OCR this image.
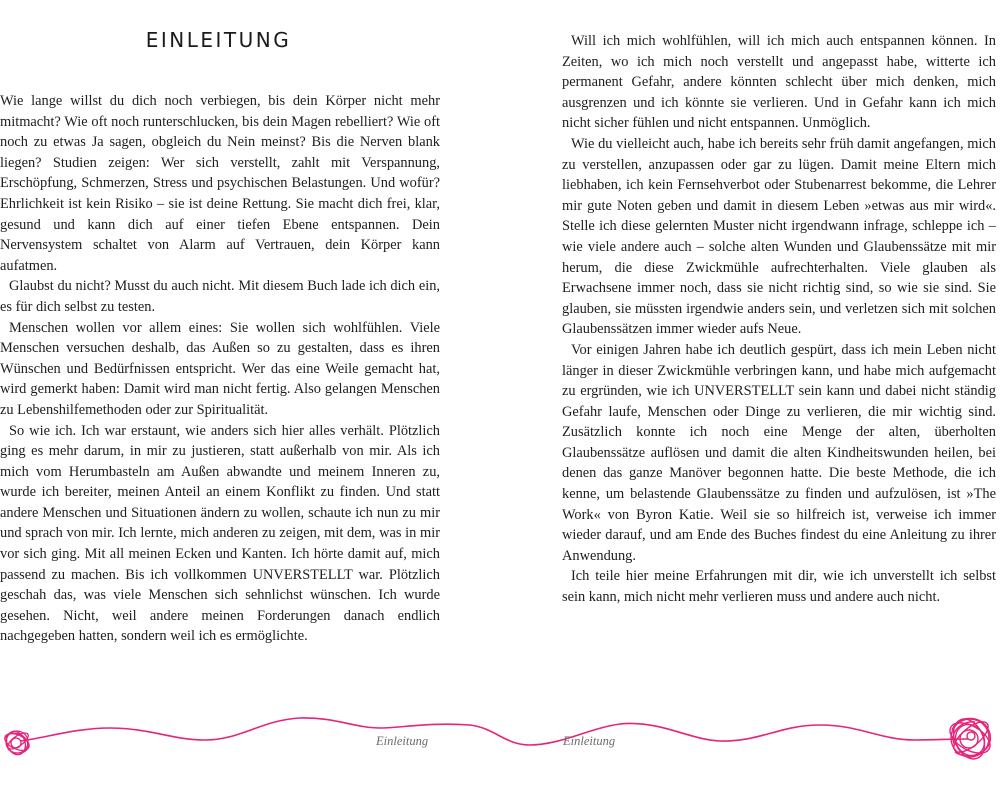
EINLEITUNG

Wie lange willst du dich noch verbiegen, bis dein Körper nicht mehr mitmacht? Wie oft noch runterschlucken, bis dein Magen rebelliert? Wie oft noch zu etwas Ja sagen, obgleich du Nein meinst? Bis die Nerven blank liegen? Studien zeigen: Wer sich verstellt, zahlt mit Verspannung, Erschöpfung, Schmerzen, Stress und psychischen Belastungen. Und wofür? Ehrlichkeit ist kein Risiko – sie ist deine Rettung. Sie macht dich frei, klar, gesund und kann dich auf einer tiefen Ebene entspannen. Dein Nervensystem schaltet von Alarm auf Vertrauen, dein Körper kann aufatmen.

Glaubst du nicht? Musst du auch nicht. Mit diesem Buch lade ich dich ein, es für dich selbst zu testen.

Menschen wollen vor allem eines: Sie wollen sich wohlfühlen. Viele Menschen versuchen deshalb, das Außen so zu gestalten, dass es ihren Wünschen und Bedürfnissen entspricht. Wer das eine Weile gemacht hat, wird gemerkt haben: Damit wird man nicht fertig. Also gelangen Menschen zu Lebenshilfemethoden oder zur Spiritualität.

So wie ich. Ich war erstaunt, wie anders sich hier alles verhält. Plötzlich ging es mehr darum, in mir zu justieren, statt außerhalb von mir. Als ich mich vom Herumbasteln am Außen abwandte und meinem Inneren zu, wurde ich bereiter, meinen Anteil an einem Konflikt zu finden. Und statt andere Menschen und Situationen ändern zu wollen, schaute ich nun zu mir und sprach von mir. Ich lernte, mich anderen zu zeigen, mit dem, was in mir vor sich ging. Mit all meinen Ecken und Kanten. Ich hörte damit auf, mich passend zu machen. Bis ich vollkommen UNVERSTELLT war. Plötzlich geschah das, was viele Menschen sich sehnlichst wünschen. Ich wurde gesehen. Nicht, weil andere meinen Forderungen danach endlich nachgegeben hatten, sondern weil ich es ermöglichte.

Will ich mich wohlfühlen, will ich mich auch entspannen können. In Zeiten, wo ich mich noch verstellt und angepasst habe, witterte ich permanent Gefahr, andere könnten schlecht über mich denken, mich ausgrenzen und ich könnte sie verlieren. Und in Gefahr kann ich mich nicht sicher fühlen und nicht entspannen. Unmöglich.

Wie du vielleicht auch, habe ich bereits sehr früh damit angefangen, mich zu verstellen, anzupassen oder gar zu lügen. Damit meine Eltern mich liebhaben, ich kein Fernsehverbot oder Stubenarrest bekomme, die Lehrer mir gute Noten geben und damit in diesem Leben »etwas aus mir wird«. Stelle ich diese gelernten Muster nicht irgendwann infrage, schleppe ich – wie viele andere auch – solche alten Wunden und Glaubenssätze mit mir herum, die diese Zwickmühle aufrechterhalten. Viele glauben als Erwachsene immer noch, dass sie nicht richtig sind, so wie sie sind. Sie glauben, sie müssten irgendwie anders sein, und verletzen sich mit solchen Glaubenssätzen immer wieder aufs Neue.

Vor einigen Jahren habe ich deutlich gespürt, dass ich mein Leben nicht länger in dieser Zwickmühle verbringen kann, und habe mich aufgemacht zu ergründen, wie ich UNVERSTELLT sein kann und dabei nicht ständig Gefahr laufe, Menschen oder Dinge zu verlieren, die mir wichtig sind. Zusätzlich konnte ich noch eine Menge der alten, überholten Glaubenssätze auflösen und damit die alten Kindheitswunden heilen, bei denen das ganze Manöver begonnen hatte. Die beste Methode, die ich kenne, um belastende Glaubenssätze zu finden und aufzulösen, ist »The Work« von Byron Katie. Weil sie so hilfreich ist, verweise ich immer wieder darauf, und am Ende des Buches findest du eine Anleitung zu ihrer Anwendung.

Ich teile hier meine Erfahrungen mit dir, wie ich unverstellt ich selbst sein kann, mich nicht mehr verlieren muss und andere auch nicht.

Einleitung	Einleitung
